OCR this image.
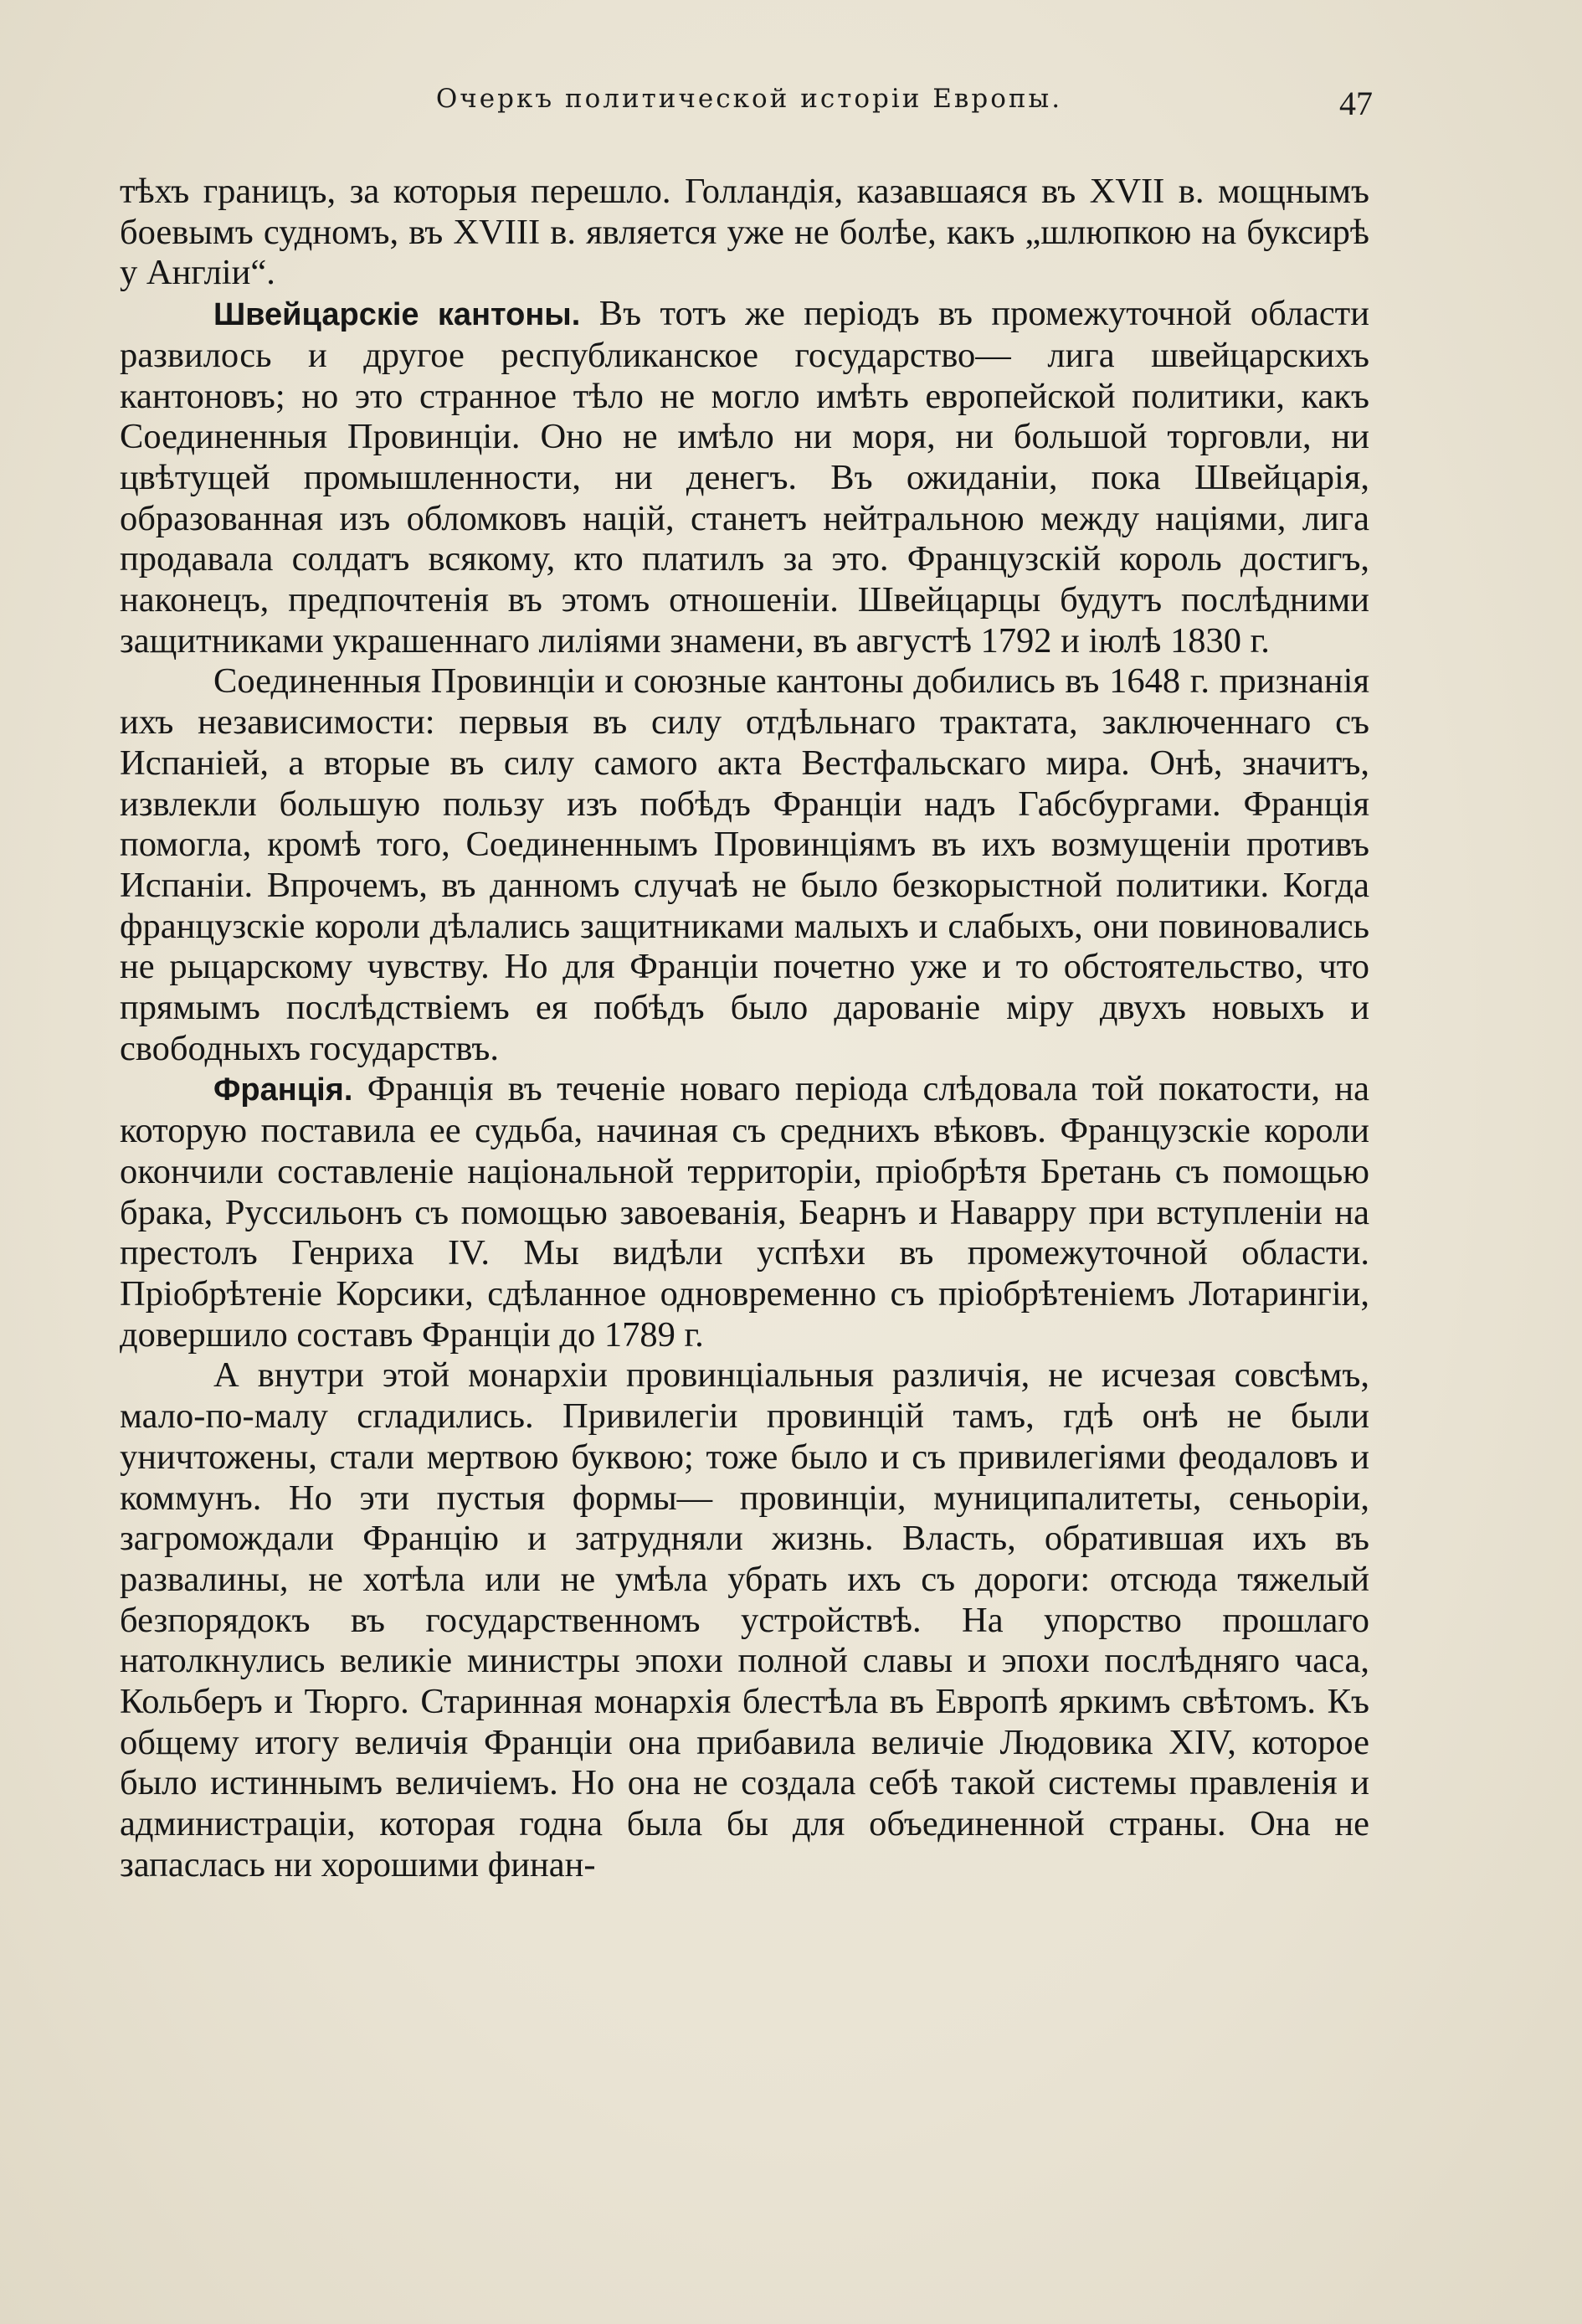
Очеркъ политической исторіи Европы.	47

тѣхъ границъ, за которыя перешло. Голландія, казавшаяся въ XVII в. мощнымъ боевымъ судномъ, въ XVIII в. является уже не болѣе, какъ „шлюпкою на буксирѣ у Англіи“.

Швейцарскіе кантоны. Въ тотъ же періодъ въ промежуточной области развилось и другое республиканское государство— лига швейцарскихъ кантоновъ; но это странное тѣло не могло имѣть европейской политики, какъ Соединенныя Провинціи. Оно не имѣло ни моря, ни большой торговли, ни цвѣтущей промышленности, ни денегъ. Въ ожиданіи, пока Швейцарія, образованная изъ обломковъ націй, станетъ нейтральною между націями, лига продавала солдатъ всякому, кто платилъ за это. Французскій король достигъ, наконецъ, предпочтенія въ этомъ отношеніи. Швейцарцы будутъ послѣдними защитниками украшеннаго лиліями знамени, въ августѣ 1792 и іюлѣ 1830 г.

Соединенныя Провинціи и союзные кантоны добились въ 1648 г. признанія ихъ независимости: первыя въ силу отдѣльнаго трактата, заключеннаго съ Испаніей, а вторые въ силу самого акта Вестфальскаго мира. Онѣ, значитъ, извлекли большую пользу изъ побѣдъ Франціи надъ Габсбургами. Франція помогла, кромѣ того, Соединеннымъ Провинціямъ въ ихъ возмущеніи противъ Испаніи. Впрочемъ, въ данномъ случаѣ не было безкорыстной политики. Когда французскіе короли дѣлались защитниками малыхъ и слабыхъ, они повиновались не рыцарскому чувству. Но для Франціи почетно уже и то обстоятельство, что прямымъ послѣдствіемъ ея побѣдъ было дарованіе міру двухъ новыхъ и свободныхъ государствъ.

Франція. Франція въ теченіе новаго періода слѣдовала той покатости, на которую поставила ее судьба, начиная съ среднихъ вѣковъ. Французскіе короли окончили составленіе національной территоріи, пріобрѣтя Бретань съ помощью брака, Руссильонъ съ помощью завоеванія, Беарнъ и Наварру при вступленіи на престолъ Генриха IV. Мы видѣли успѣхи въ промежуточной области. Пріобрѣтеніе Корсики, сдѣланное одновременно съ пріобрѣтеніемъ Лотарингіи, довершило составъ Франціи до 1789 г.

А внутри этой монархіи провинціальныя различія, не исчезая совсѣмъ, мало-по-малу сгладились. Привилегіи провинцій тамъ, гдѣ онѣ не были уничтожены, стали мертвою буквою; тоже было и съ привилегіями феодаловъ и коммунъ. Но эти пустыя формы— провинціи, муниципалитеты, сеньоріи, загромождали Францію и затрудняли жизнь. Власть, обратившая ихъ въ развалины, не хотѣла или не умѣла убрать ихъ съ дороги: отсюда тяжелый безпорядокъ въ государственномъ устройствѣ. На упорство прошлаго натолкнулись великіе министры эпохи полной славы и эпохи послѣдняго часа, Кольберъ и Тюрго. Старинная монархія блестѣла въ Европѣ яркимъ свѣтомъ. Къ общему итогу величія Франціи она прибавила величіе Людовика XIV, которое было истиннымъ величіемъ. Но она не создала себѣ такой системы правленія и администраціи, которая годна была бы для объединенной страны. Она не запаслась ни хорошими финан-
